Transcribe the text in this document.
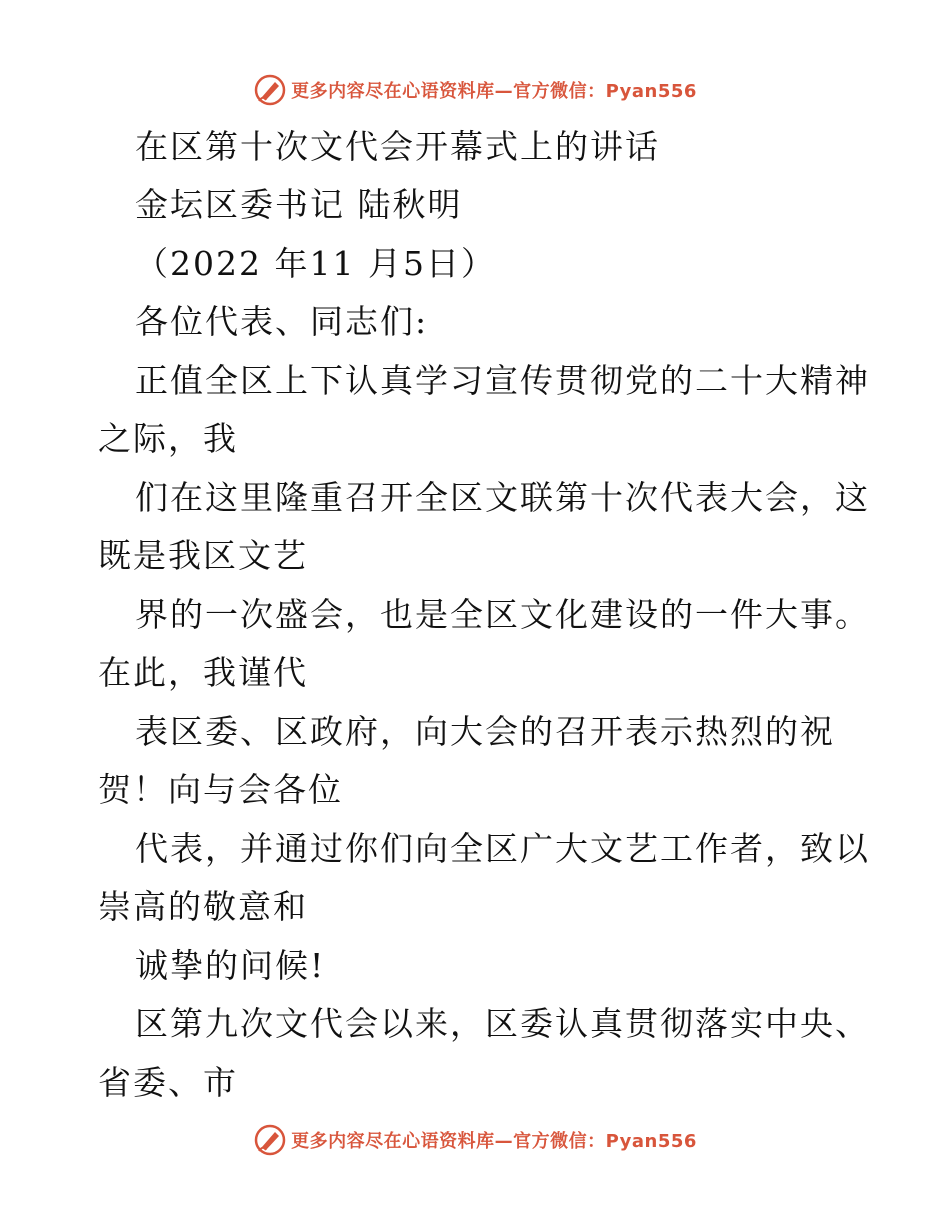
更多内容尽在心语资料库—官方微信：Pyan556
在区第十次文代会开幕式上的讲话
金坛区委书记 陆秋明
（2022 年11 月5日）
各位代表、同志们:
正值全区上下认真学习宣传贯彻党的二十大精神
之际，我
们在这里隆重召开全区文联第十次代表大会，这
既是我区文艺
界的一次盛会，也是全区文化建设的一件大事。
在此，我谨代
表区委、区政府，向大会的召开表示热烈的祝
贺！向与会各位
代表，并通过你们向全区广大文艺工作者，致以
崇高的敬意和
诚挚的问候!
区第九次文代会以来，区委认真贯彻落实中央、
省委、市
更多内容尽在心语资料库—官方微信：Pyan556
